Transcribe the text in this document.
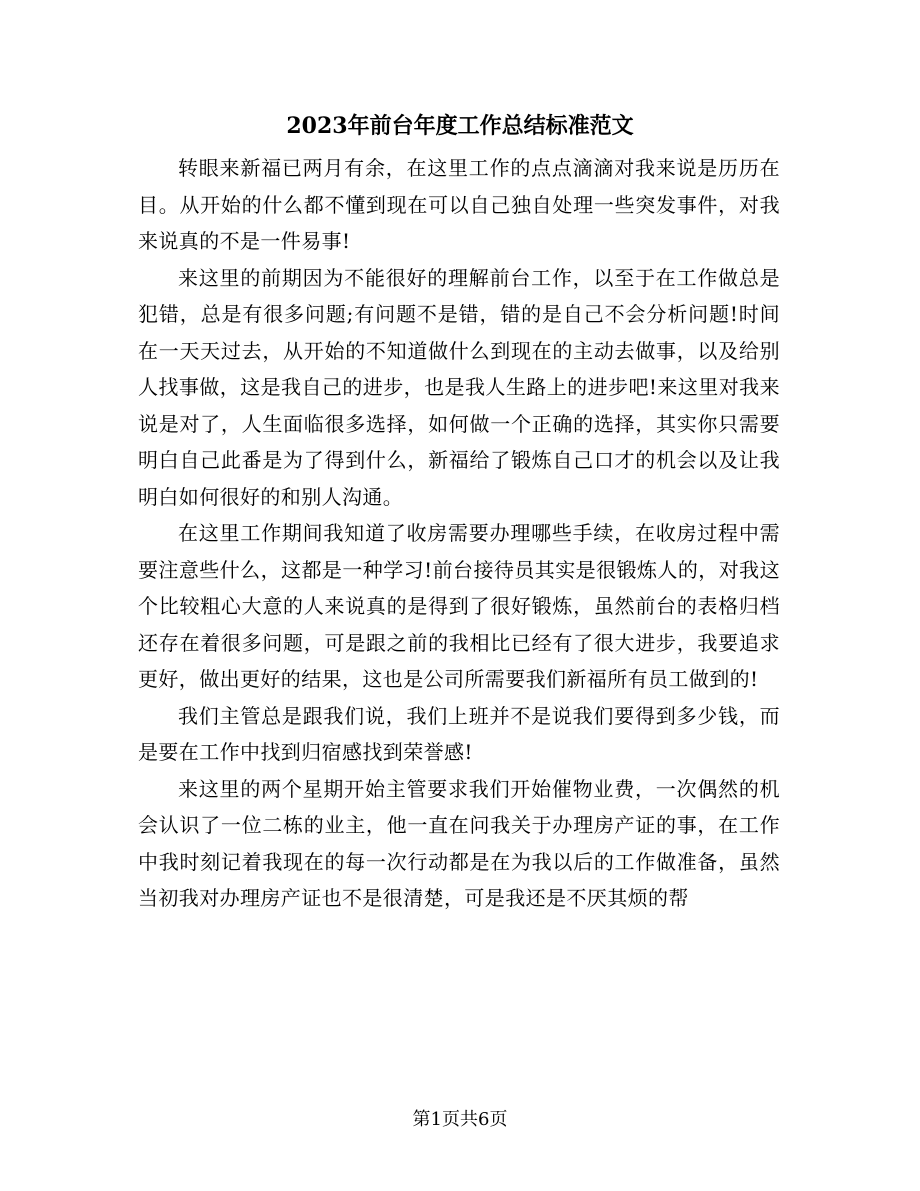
2023年前台年度工作总结标准范文

转眼来新福已两月有余，在这里工作的点点滴滴对我来说是历历在目。从开始的什么都不懂到现在可以自己独自处理一些突发事件，对我来说真的不是一件易事!

来这里的前期因为不能很好的理解前台工作，以至于在工作做总是犯错，总是有很多问题;有问题不是错，错的是自己不会分析问题!时间在一天天过去，从开始的不知道做什么到现在的主动去做事，以及给别人找事做，这是我自己的进步，也是我人生路上的进步吧!来这里对我来说是对了，人生面临很多选择，如何做一个正确的选择，其实你只需要明白自己此番是为了得到什么，新福给了锻炼自己口才的机会以及让我明白如何很好的和别人沟通。

在这里工作期间我知道了收房需要办理哪些手续，在收房过程中需要注意些什么，这都是一种学习!前台接待员其实是很锻炼人的，对我这个比较粗心大意的人来说真的是得到了很好锻炼，虽然前台的表格归档还存在着很多问题，可是跟之前的我相比已经有了很大进步，我要追求更好，做出更好的结果，这也是公司所需要我们新福所有员工做到的!

我们主管总是跟我们说，我们上班并不是说我们要得到多少钱，而是要在工作中找到归宿感找到荣誉感!

来这里的两个星期开始主管要求我们开始催物业费，一次偶然的机会认识了一位二栋的业主，他一直在问我关于办理房产证的事，在工作中我时刻记着我现在的每一次行动都是在为我以后的工作做准备，虽然当初我对办理房产证也不是很清楚，可是我还是不厌其烦的帮

第1页共6页
